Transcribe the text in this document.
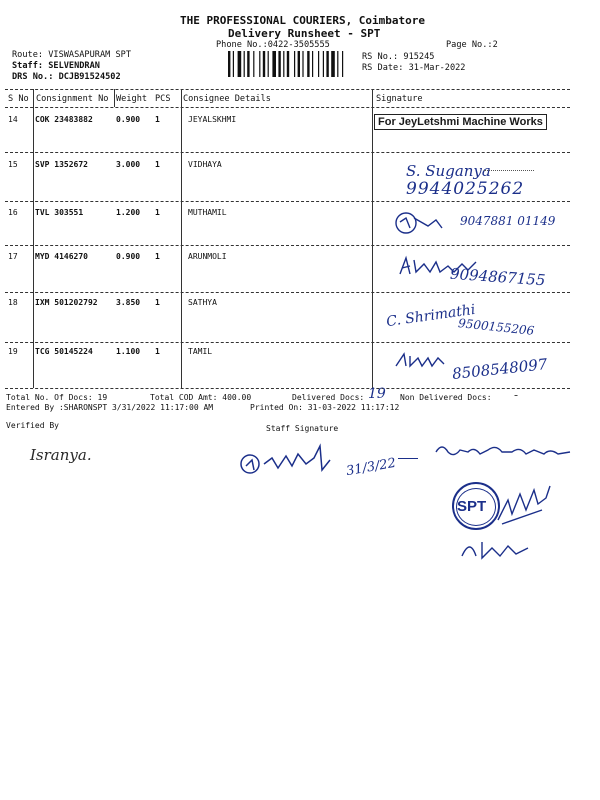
THE PROFESSIONAL COURIERS, Coimbatore
Delivery Runsheet - SPT
Phone No.:0422-3505555	Page No.:2
Route: VISWASAPURAM SPT
Staff: SELVENDRAN
DRS No.: DCJB91524502
RS No.: 915245
RS Date: 31-Mar-2022
S No Consignment No Weight PCS Consignee Details	Signature
14 COK 23483882	0.900 1	JEYALSKHMI	For JeyLetshmi Machine Works
15 SVP 1352672	3.000 1	VIDHAYA	S. Suganya
9944025262
16 TVL 303551	1.200 1	MUTHAMIL
9047881 01149
17 MYD 4146270	0.900 1	ARUNMOLI
9094867155
18 IXM 501202792 3.850 1	SATHYA	C. Shrimathi
9500155206
19 TCG 50145224	1.100 1	TAMIL
8508548097
Total No. Of Docs: 19	Total COD Amt: 400.00	Delivered Docs: 19 Non Delivered Docs: -
Entered By :SHARONSPT 3/31/2022 11:17:00 AM	Printed On: 31-03-2022 11:17:12
Verified By	Staff Signature
Isranya.
31/3/22
SPT
